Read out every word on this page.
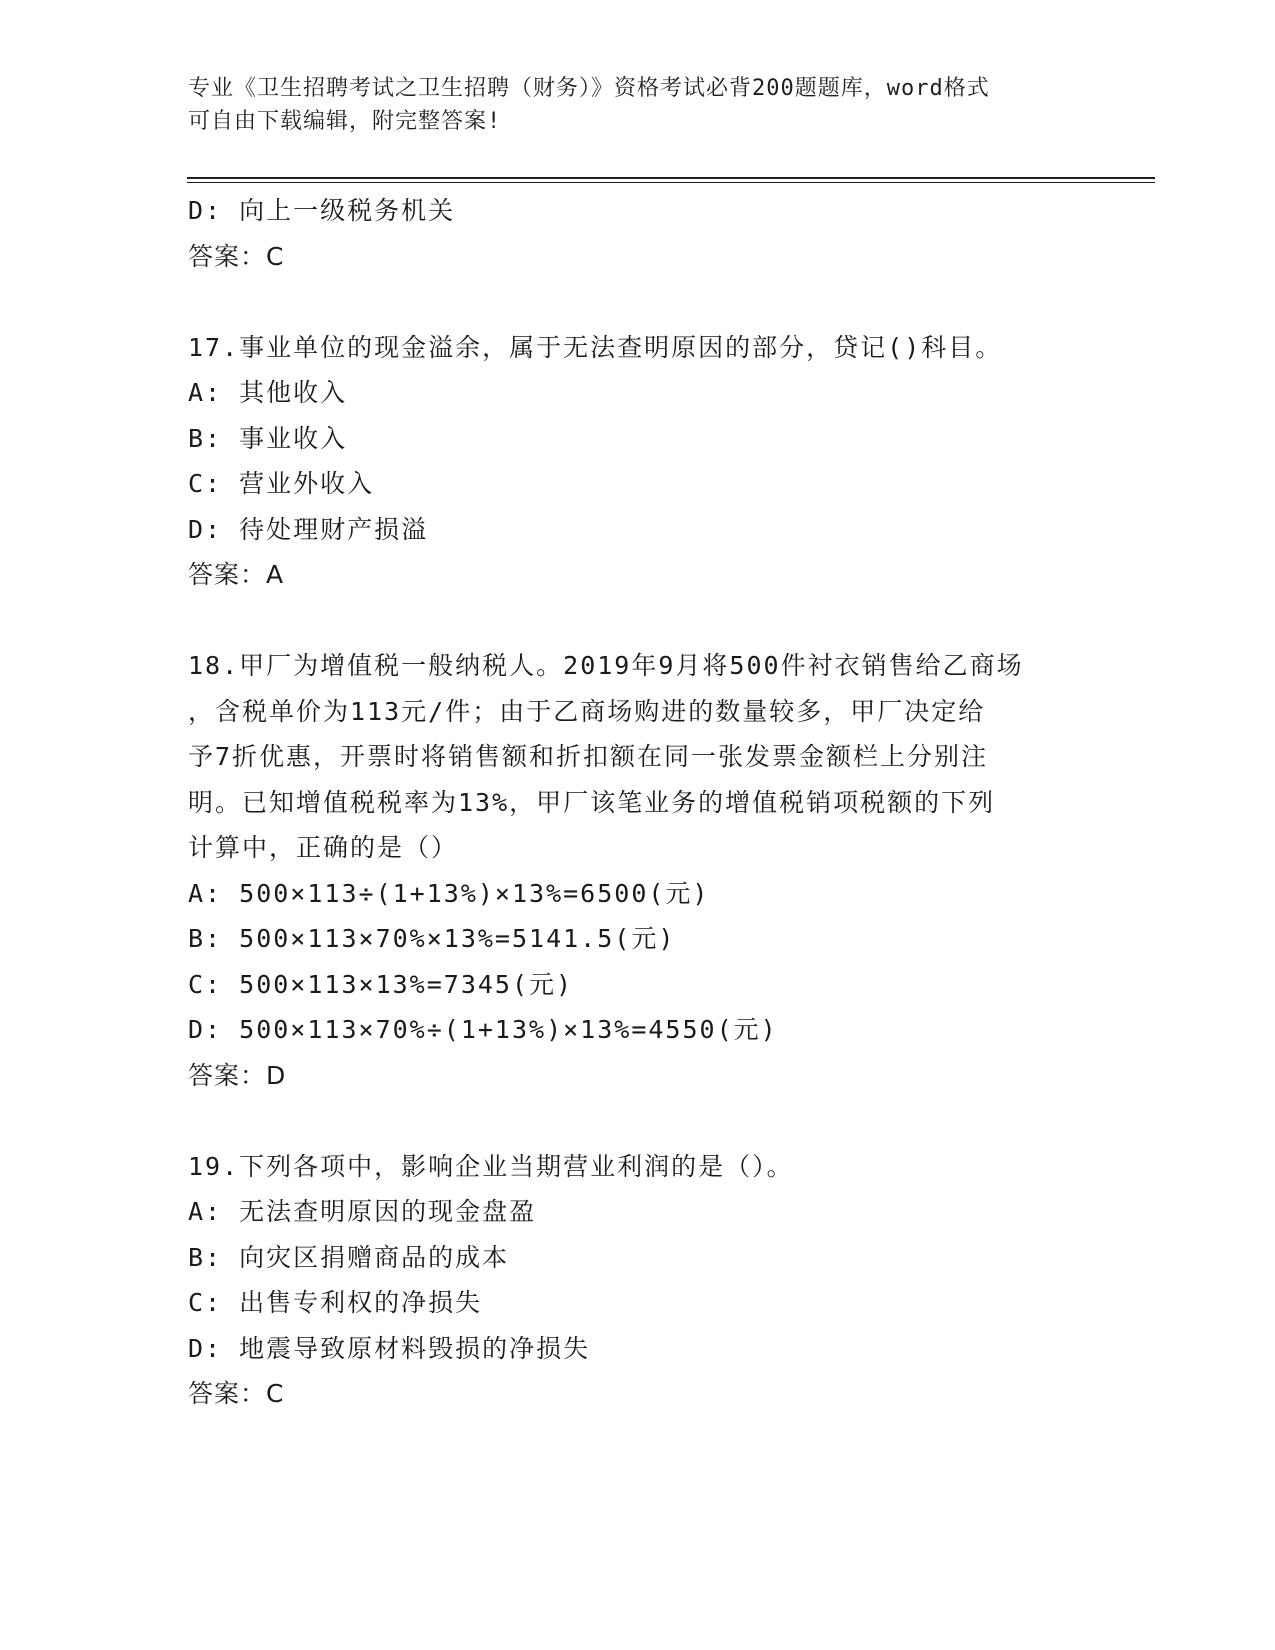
专业《卫生招聘考试之卫生招聘（财务）》资格考试必背200题题库，word格式
可自由下载编辑，附完整答案!
D: 向上一级税务机关
答案：C
17.事业单位的现金溢余，属于无法查明原因的部分，贷记()科目。
A: 其他收入
B: 事业收入
C: 营业外收入
D: 待处理财产损溢
答案：A
18.甲厂为增值税一般纳税人。2019年9月将500件衬衣销售给乙商场
，含税单价为113元/件；由于乙商场购进的数量较多，甲厂决定给
予7折优惠，开票时将销售额和折扣额在同一张发票金额栏上分别注
明。已知增值税税率为13%，甲厂该笔业务的增值税销项税额的下列
计算中，正确的是（）
A: 500×113÷(1+13%)×13%=6500(元)
B: 500×113×70%×13%=5141.5(元)
C: 500×113×13%=7345(元)
D: 500×113×70%÷(1+13%)×13%=4550(元)
答案：D
19.下列各项中，影响企业当期营业利润的是（）。
A: 无法查明原因的现金盘盈
B: 向灾区捐赠商品的成本
C: 出售专利权的净损失
D: 地震导致原材料毁损的净损失
答案：C
